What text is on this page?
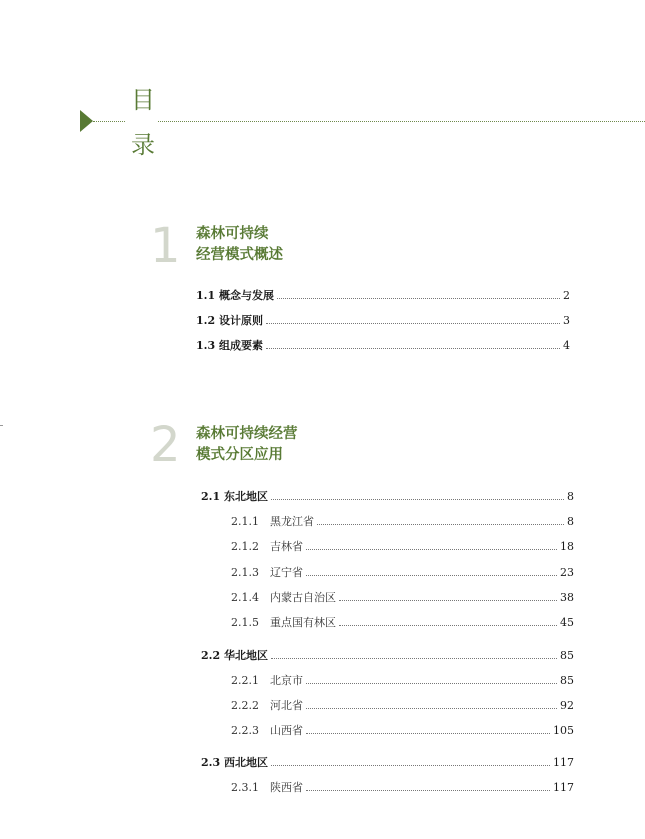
目
录
1 森林可持续
经营模式概述
1.1 概念与发展	2
1.2 设计原则	3
1.3 组成要素	4
2 森林可持续经营
模式分区应用
2.1 东北地区	8
2.1.1	黑龙江省	8
2.1.2	吉林省	18
2.1.3	辽宁省	23
2.1.4	内蒙古自治区	38
2.1.5	重点国有林区	45
2.2 华北地区	85
2.2.1	北京市	85
2.2.2	河北省	92
2.2.3	山西省	105
2.3 西北地区	117
2.3.1	陕西省	117
